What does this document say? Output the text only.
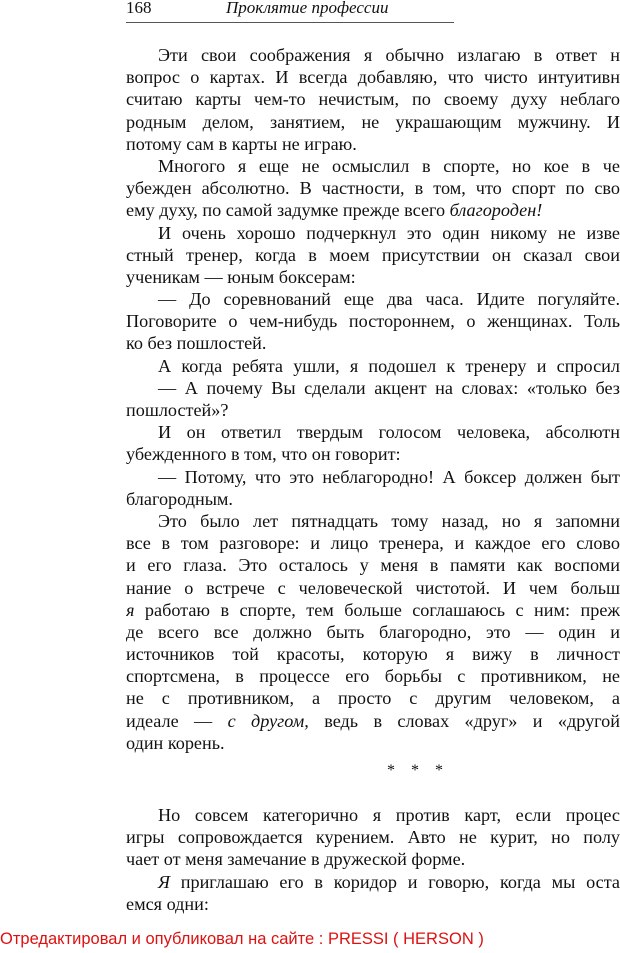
168	Проклятие профессии
Эти свои соображения я обычно излагаю в ответ н
вопрос о картах. И всегда добавляю, что чисто интуитивн
считаю карты чем-то нечистым, по своему духу неблаго
родным делом, занятием, не украшающим мужчину. И
потому сам в карты не играю.
Многого я еще не осмыслил в спорте, но кое в че
убежден абсолютно. В частности, в том, что спорт по сво
ему духу, по самой задумке прежде всего благороден!
И очень хорошо подчеркнул это один никому не изве
стный тренер, когда в моем присутствии он сказал свои
ученикам — юным боксерам:
— До соревнований еще два часа. Идите погуляйте.
Поговорите о чем-нибудь постороннем, о женщинах. Толь
ко без пошлостей.
А когда ребята ушли, я подошел к тренеру и спросил
— А почему Вы сделали акцент на словах: «только без
пошлостей»?
И он ответил твердым голосом человека, абсолютн
убежденного в том, что он говорит:
— Потому, что это неблагородно! А боксер должен быт
благородным.
Это было лет пятнадцать тому назад, но я запомни
все в том разговоре: и лицо тренера, и каждое его слово
и его глаза. Это осталось у меня в памяти как воспоми
нание о встрече с человеческой чистотой. И чем больш
я работаю в спорте, тем больше соглашаюсь с ним: преж
де всего все должно быть благородно, это — один и
источников той красоты, которую я вижу в личност
спортсмена, в процессе его борьбы с противником, не
не с противником, а просто с другим человеком, а
идеале — с другом, ведь в словах «друг» и «другой
один корень.
* * *
Но совсем категорично я против карт, если процес
игры сопровождается курением. Авто не курит, но полу
чает от меня замечание в дружеской форме.
Я приглашаю его в коридор и говорю, когда мы оста
емся одни:
Отредактировал и опубликовал на сайте : PRESSI ( HERSON )
